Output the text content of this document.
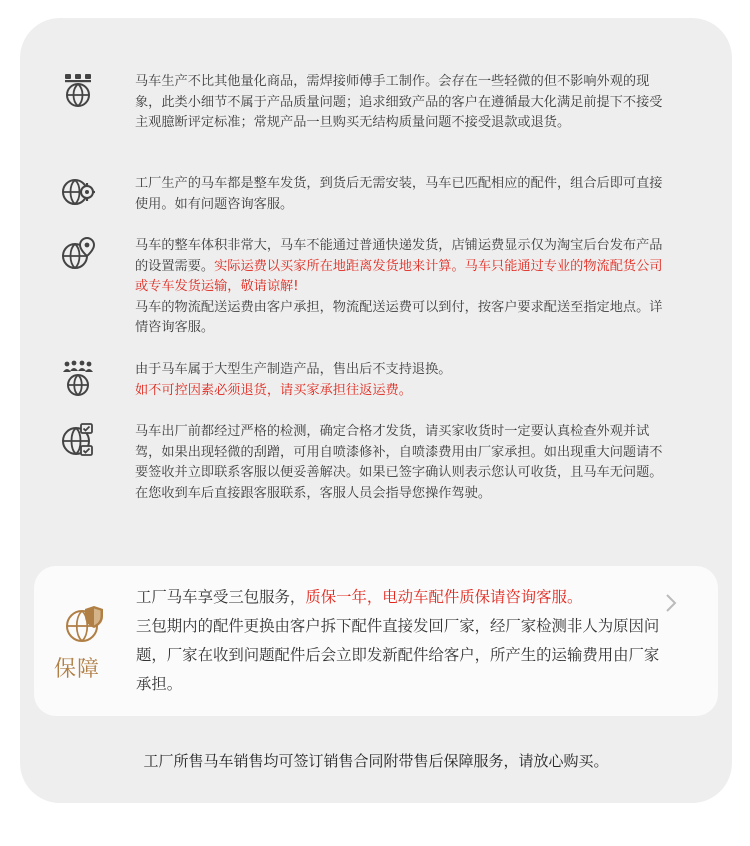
马车生产不比其他量化商品，需焊接师傅手工制作。会存在一些轻微的但不影响外观的现象，此类小细节不属于产品质量问题；追求细致产品的客户在遵循最大化满足前提下不接受主观臆断评定标准；常规产品一旦购买无结构质量问题不接受退款或退货。
工厂生产的马车都是整车发货，到货后无需安装，马车已匹配相应的配件，组合后即可直接使用。如有问题咨询客服。
马车的整车体积非常大，马车不能通过普通快递发货，店铺运费显示仅为淘宝后台发布产品的设置需要。实际运费以买家所在地距离发货地来计算。马车只能通过专业的物流配货公司或专车发货运输，敬请谅解!
马车的物流配送运费由客户承担，物流配送运费可以到付，按客户要求配送至指定地点。详情咨询客服。
由于马车属于大型生产制造产品，售出后不支持退换。
如不可控因素必须退货，请买家承担往返运费。
马车出厂前都经过严格的检测，确定合格才发货，请买家收货时一定要认真检查外观并试驾，如果出现轻微的刮蹭，可用自喷漆修补，自喷漆费用由厂家承担。如出现重大问题请不要签收并立即联系客服以便妥善解决。如果已签字确认则表示您认可收货，且马车无问题。在您收到车后直接跟客服联系，客服人员会指导您操作驾驶。
保障
工厂马车享受三包服务，质保一年，电动车配件质保请咨询客服。
三包期内的配件更换由客户拆下配件直接发回厂家，经厂家检测非人为原因问题，厂家在收到问题配件后会立即发新配件给客户，所产生的运输费用由厂家承担。
工厂所售马车销售均可签订销售合同附带售后保障服务，请放心购买。
